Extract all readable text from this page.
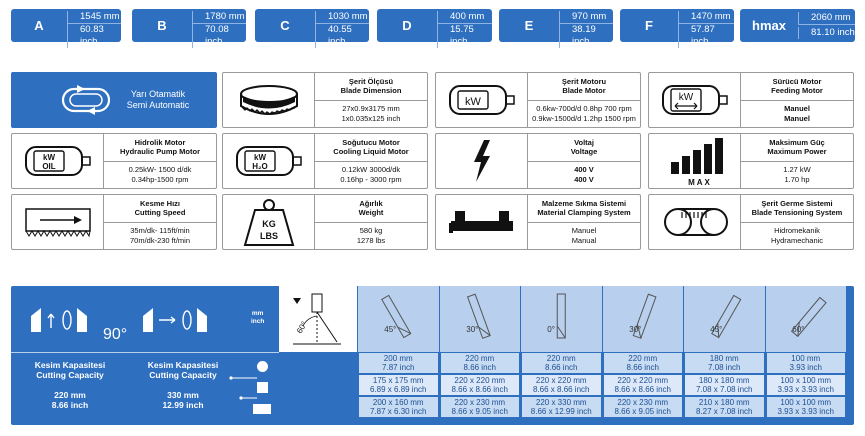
A
1545 mm
60.83 inch
B
1780 mm
70.08 inch
C
1030 mm
40.55 inch
D
400 mm
15.75 inch
E
970 mm
38.19 inch
F
1470 mm
57.87 inch
hmax
2060 mm
81.10 inch
Yarı Otamatik
Semi Automatic
Şerit Ölçüsü
Blade Dimension
27x0.9x3175 mm
1x0.035x125 inch
kW
Şerit Motoru
Blade Motor
0.6kw-700d/d 0.8hp 700 rpm
0.9kw-1500d/d 1.2hp 1500 rpm
kW
Sürücü Motor
Feeding Motor
Manuel
Manuel
kW
OIL
Hidrolik Motor
Hydraulic Pump Motor
0.25kW- 1500 d/dk
0.34hp-1500 rpm
kW
H₂O
Soğutucu Motor
Cooling Liquid Motor
0.12kW 3000d/dk
0.16hp - 3000 rpm
Voltaj
Voltage
400 V
400 V	MAX
Maksimum Güç
Maximum Power
1.27 kW
1.70 hp
Kesme Hızı
Cutting Speed
35m/dk- 115ft/min
70m/dk-230 ft/min
KG
LBS
Ağırlık
Weight
580 kg
1278 lbs
Malzeme Sıkma Sistemi
Material Clamping System
Manuel
Manual
Şerit Germe Sistemi
Blade Tensioning System
Hidromekanik
Hydramechanic
90°
mm
inch
Kesim Kapasitesi
Cutting Capacity
220 mm
8.66 inch
Kesim Kapasitesi
Cutting Capacity
330 mm
12.99 inch
60°	45°
200 mm
7.87 inch
175 x 175 mm
6.89 x 6.89 inch
200 x 160 mm
7.87 x 6.30 inch
30°
220 mm
8.66 inch
220 x 220 mm
8.66 x 8.66 inch
220 x 230 mm
8.66 x 9.05 inch
0°
220 mm
8.66 inch
220 x 220 mm
8.66 x 8.66 inch
220 x 330 mm
8.66 x 12.99 inch
30°
220 mm
8.66 inch
220 x 220 mm
8.66 x 8.66 inch
220 x 230 mm
8.66 x 9.05 inch
45°
180 mm
7.08 inch
180 x 180 mm
7.08 x 7.08 inch
210 x 180 mm
8.27 x 7.08 inch
60°
100 mm
3.93 inch
100 x 100 mm
3.93 x 3.93 inch
100 x 100 mm
3.93 x 3.93 inch
